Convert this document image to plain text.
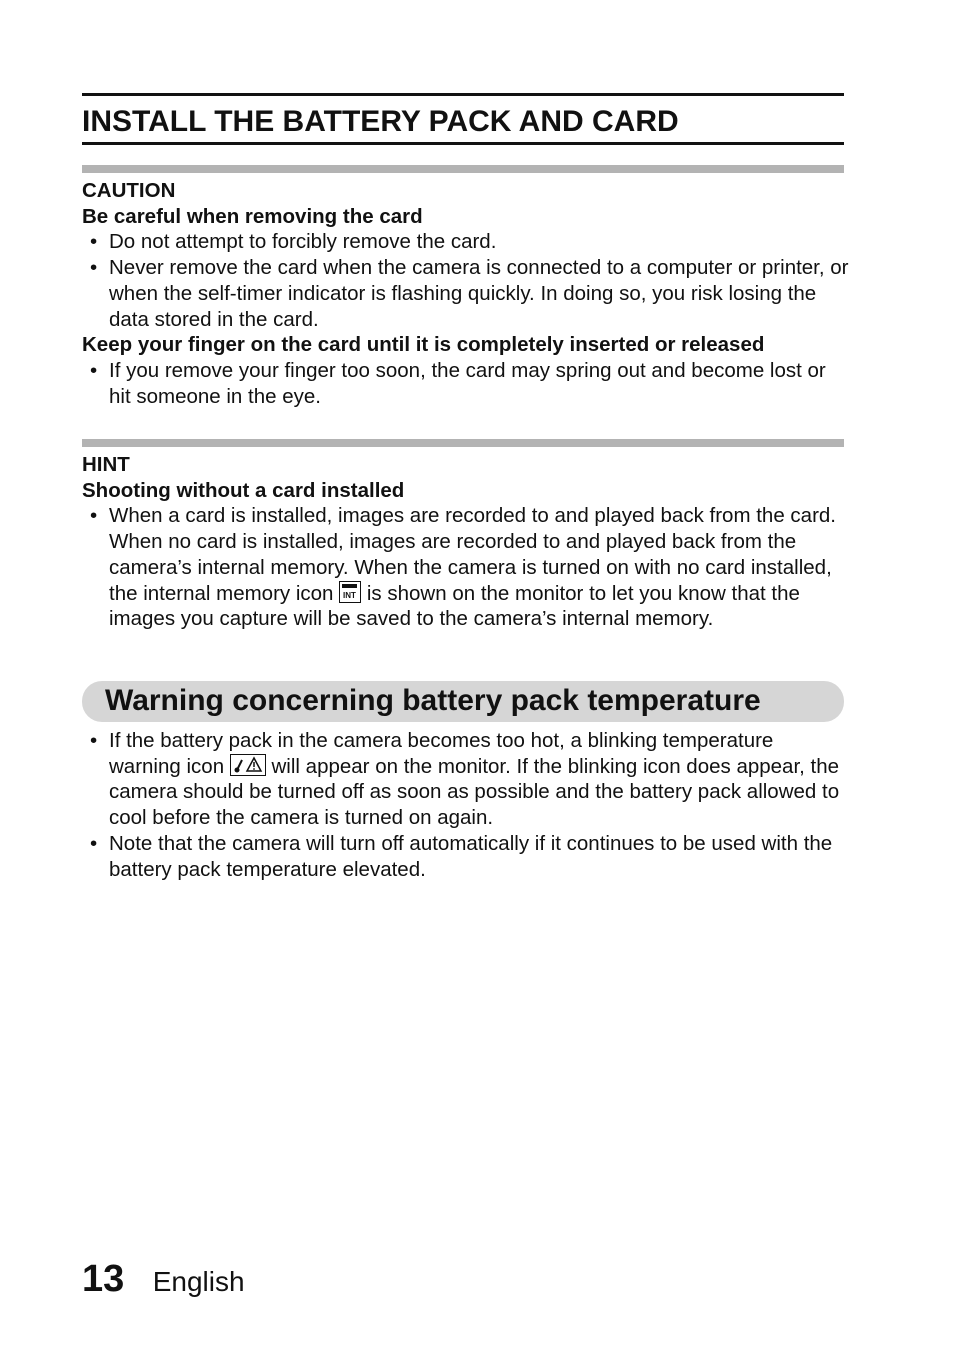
INSTALL THE BATTERY PACK AND CARD
CAUTION
Be careful when removing the card
• Do not attempt to forcibly remove the card.
• Never remove the card when the camera is connected to a computer or printer, or when the self-timer indicator is flashing quickly. In doing so, you risk losing the data stored in the card.
Keep your finger on the card until it is completely inserted or released
• If you remove your finger too soon, the card may spring out and become lost or hit someone in the eye.
HINT
Shooting without a card installed
• When a card is installed, images are recorded to and played back from the card. When no card is installed, images are recorded to and played back from the camera’s internal memory. When the camera is turned on with no card installed, the internal memory icon INT is shown on the monitor to let you know that the images you capture will be saved to the camera’s internal memory.
Warning concerning battery pack temperature
• If the battery pack in the camera becomes too hot, a blinking temperature warning icon will appear on the monitor. If the blinking icon does appear, the camera should be turned off as soon as possible and the battery pack allowed to cool before the camera is turned on again.
• Note that the camera will turn off automatically if it continues to be used with the battery pack temperature elevated.
13 English
